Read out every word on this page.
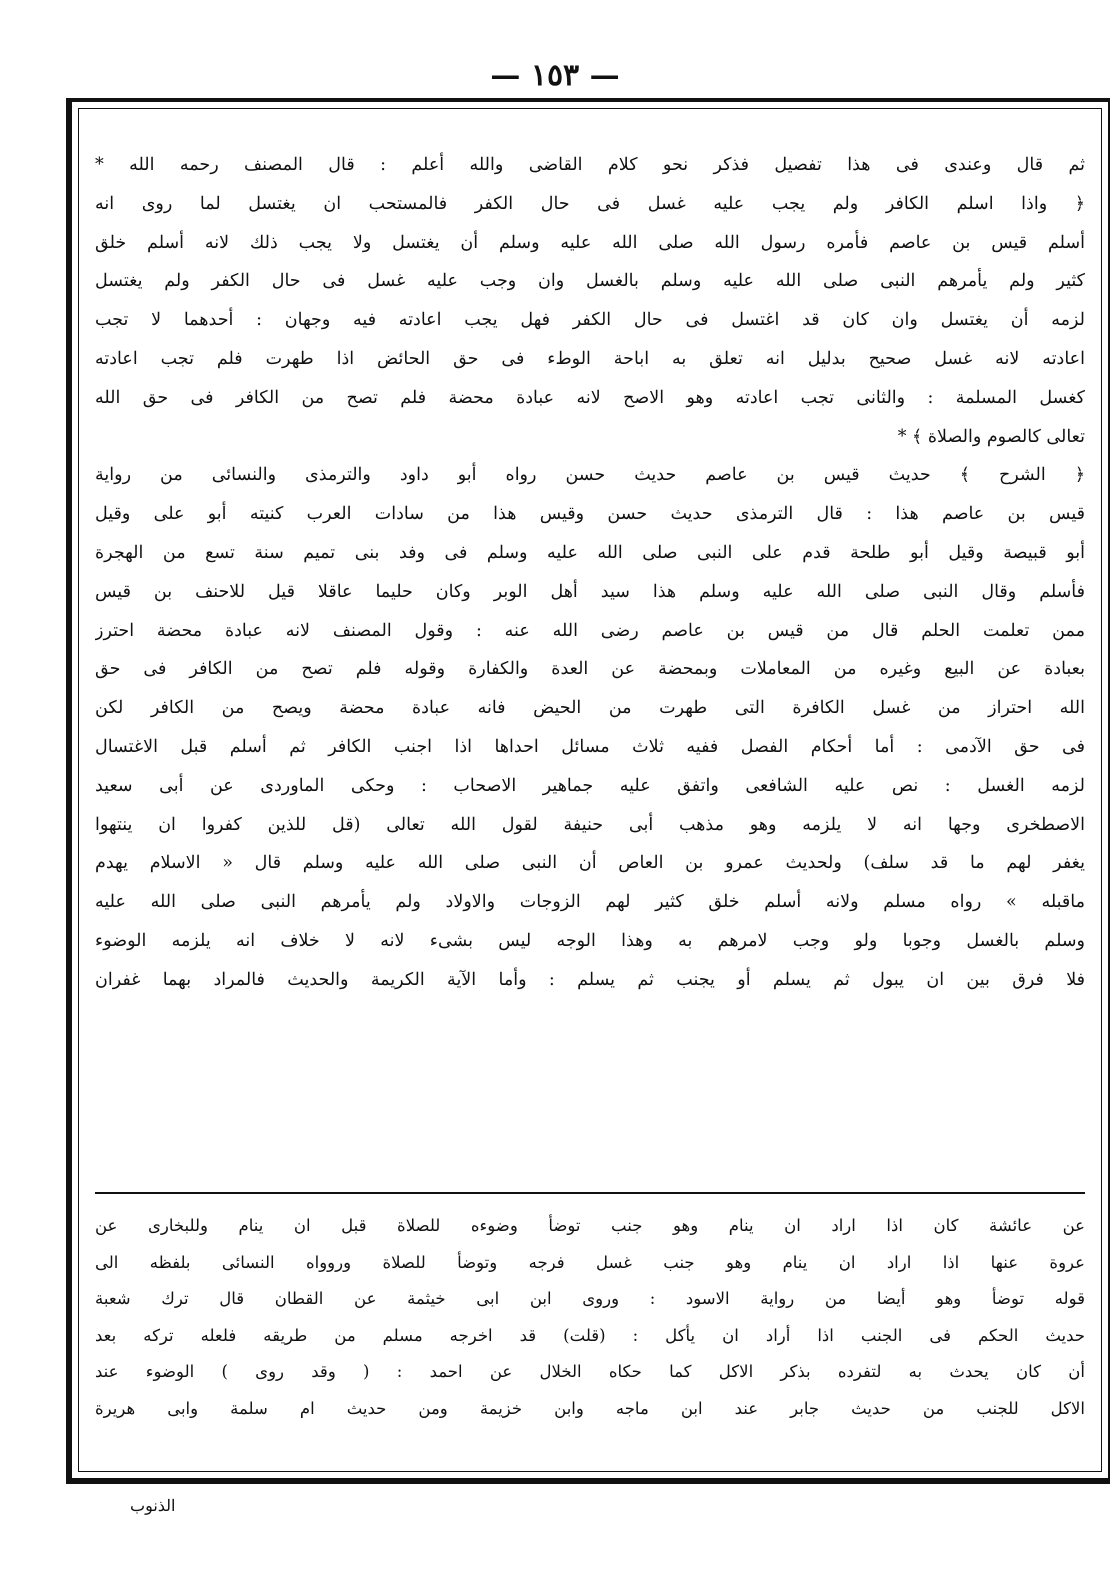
— ١٥٣ —
ثم قال وعندى فى هذا تفصيل فذكر نحو كلام القاضى والله أعلم : قال المصنف رحمه الله *
﴿ واذا اسلم الكافر ولم يجب عليه غسل فى حال الكفر فالمستحب ان يغتسل لما روى انه
أسلم قيس بن عاصم فأمره رسول الله صلى الله عليه وسلم أن يغتسل ولا يجب ذلك لانه أسلم خلق
كثير ولم يأمرهم النبى صلى الله عليه وسلم بالغسل وان وجب عليه غسل فى حال الكفر ولم يغتسل
لزمه أن يغتسل وان كان قد اغتسل فى حال الكفر فهل يجب اعادته فيه وجهان : أحدهما لا تجب
اعادته لانه غسل صحيح بدليل انه تعلق به اباحة الوطء فى حق الحائض اذا طهرت فلم تجب اعادته
كغسل المسلمة : والثانى تجب اعادته وهو الاصح لانه عبادة محضة فلم تصح من الكافر فى حق الله
تعالى كالصوم والصلاة ﴾ *
﴿ الشرح ﴾ حديث قيس بن عاصم حديث حسن رواه أبو داود والترمذى والنسائى من رواية
قيس بن عاصم هذا : قال الترمذى حديث حسن وقيس هذا من سادات العرب كنيته أبو على وقيل
أبو قبيصة وقيل أبو طلحة قدم على النبى صلى الله عليه وسلم فى وفد بنى تميم سنة تسع من الهجرة
فأسلم وقال النبى صلى الله عليه وسلم هذا سيد أهل الوبر وكان حليما عاقلا قيل للاحنف بن قيس
ممن تعلمت الحلم قال من قيس بن عاصم رضى الله عنه : وقول المصنف لانه عبادة محضة احترز
بعبادة عن البيع وغيره من المعاملات وبمحضة عن العدة والكفارة وقوله فلم تصح من الكافر فى حق
الله احتراز من غسل الكافرة التى طهرت من الحيض فانه عبادة محضة ويصح من الكافر لكن
فى حق الآدمى : أما أحكام الفصل ففيه ثلاث مسائل احداها اذا اجنب الكافر ثم أسلم قبل الاغتسال
لزمه الغسل : نص عليه الشافعى واتفق عليه جماهير الاصحاب : وحكى الماوردى عن أبى سعيد
الاصطخرى وجها انه لا يلزمه وهو مذهب أبى حنيفة لقول الله تعالى (قل للذين كفروا ان ينتهوا
يغفر لهم ما قد سلف) ولحديث عمرو بن العاص أن النبى صلى الله عليه وسلم قال « الاسلام يهدم
ماقبله » رواه مسلم ولانه أسلم خلق كثير لهم الزوجات والاولاد ولم يأمرهم النبى صلى الله عليه
وسلم بالغسل وجوبا ولو وجب لامرهم به وهذا الوجه ليس بشىء لانه لا خلاف انه يلزمه الوضوء
فلا فرق بين ان يبول ثم يسلم أو يجنب ثم يسلم : وأما الآية الكريمة والحديث فالمراد بهما غفران
عن عائشة كان اذا اراد ان ينام وهو جنب توضأ وضوءه للصلاة قبل ان ينام وللبخارى عن
عروة عنها اذا اراد ان ينام وهو جنب غسل فرجه وتوضأ للصلاة وروواه النسائى بلفظه الى
قوله توضأ وهو أيضا من رواية الاسود : وروى ابن ابى خيثمة عن القطان قال ترك شعبة
حديث الحكم فى الجنب اذا أراد ان يأكل : (قلت) قد اخرجه مسلم من طريقه فلعله تركه بعد
أن كان يحدث به لتفرده بذكر الاكل كما حكاه الخلال عن احمد : ( وقد روى ) الوضوء عند
الاكل للجنب من حديث جابر عند ابن ماجه وابن خزيمة ومن حديث ام سلمة وابى هريرة
الذنوب
